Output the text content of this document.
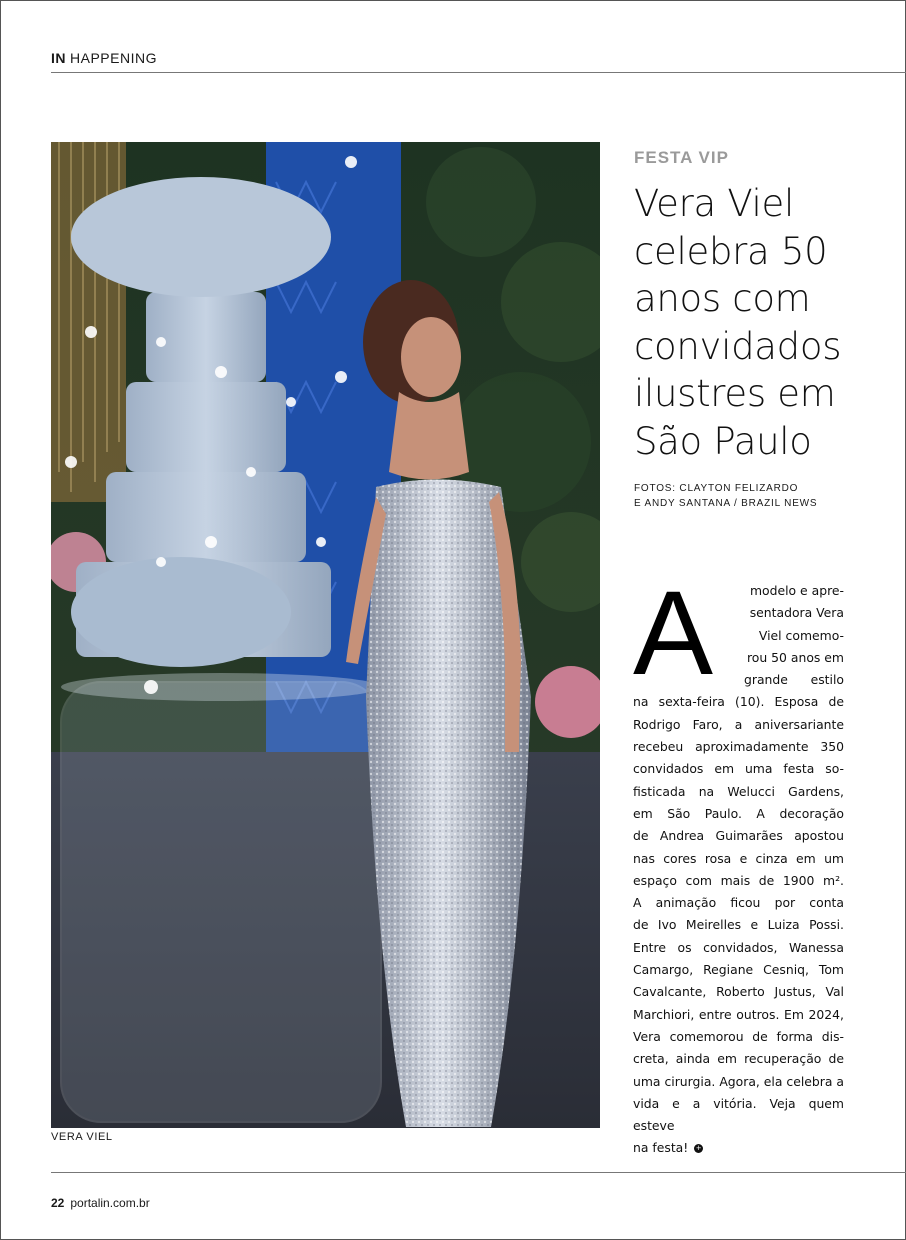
IN HAPPENING
VERA VIEL
FESTA VIP
Vera Viel
celebra 50
anos com
convidados
ilustres em
São Paulo
FOTOS: CLAYTON FELIZARDO
E ANDY SANTANA / BRAZIL NEWS
A	modelo e apre-
sentadora Vera
Viel comemo-
rou 50 anos em
grande estilo
na sexta-feira (10). Esposa de
Rodrigo Faro, a aniversariante
recebeu aproximadamente 350
convidados em uma festa so-
fisticada na Welucci Gardens,
em São Paulo. A decoração
de Andrea Guimarães apostou
nas cores rosa e cinza em um
espaço com mais de 1900 m².
A animação ficou por conta
de Ivo Meirelles e Luiza Possi.
Entre os convidados, Wanessa
Camargo, Regiane Cesniq, Tom
Cavalcante, Roberto Justus, Val
Marchiori, entre outros. Em 2024,
Vera comemorou de forma dis-
creta, ainda em recuperação de
uma cirurgia. Agora, ela celebra a
vida e a vitória. Veja quem esteve
na festa! +
22 portalin.com.br
